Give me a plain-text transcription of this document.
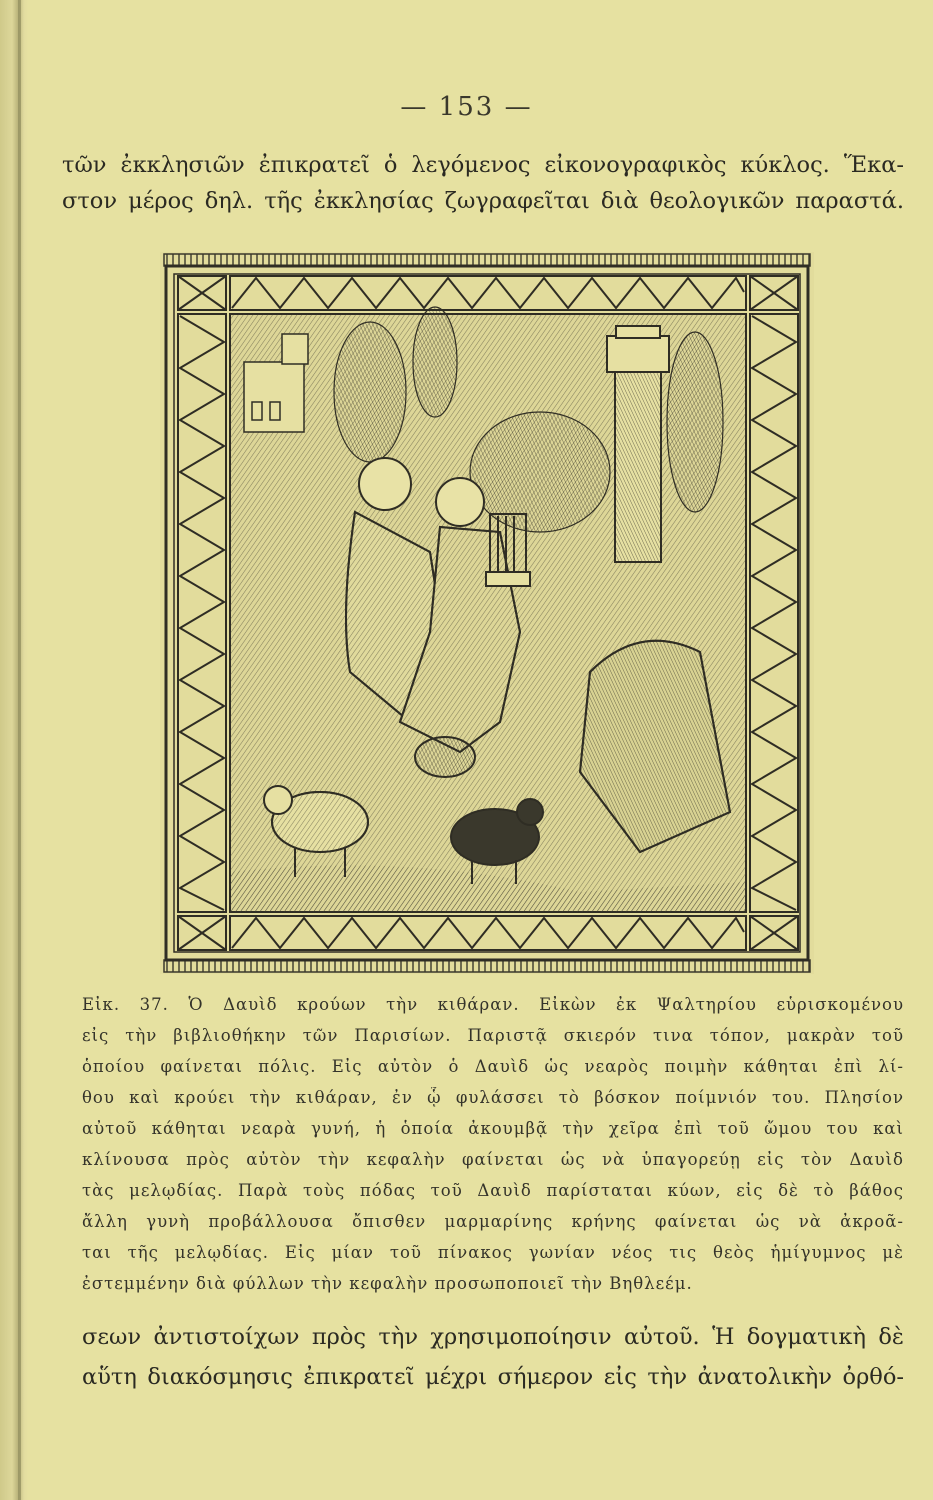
— 153 —
τῶν ἐκκλησιῶν ἐπικρατεῖ ὁ λεγόμενος εἰκονογραφικὸς κύκλος. Ἕκα-
στον μέρος δηλ. τῆς ἐκκλησίας ζωγραφεῖται διὰ θεολογικῶν παραστά.
Εἰκ. 37. Ὁ Δαυὶδ κρούων τὴν κιθάραν. Εἰκὼν ἐκ Ψαλτηρίου εὑρισκομένου
εἰς τὴν βιβλιοθήκην τῶν Παρισίων. Παριστᾷ σκιερόν τινα τόπον, μακρὰν τοῦ
ὁποίου φαίνεται πόλις. Εἰς αὐτὸν ὁ Δαυὶδ ὡς νεαρὸς ποιμὴν κάθηται ἐπὶ λί-
θου καὶ κρούει τὴν κιθάραν, ἐν ᾧ φυλάσσει τὸ βόσκον ποίμνιόν του. Πλησίον
αὐτοῦ κάθηται νεαρὰ γυνή, ἡ ὁποία ἀκουμβᾷ τὴν χεῖρα ἐπὶ τοῦ ὤμου του καὶ
κλίνουσα πρὸς αὐτὸν τὴν κεφαλὴν φαίνεται ὡς νὰ ὑπαγορεύῃ εἰς τὸν Δαυὶδ
τὰς μελῳδίας. Παρὰ τοὺς πόδας τοῦ Δαυὶδ παρίσταται κύων, εἰς δὲ τὸ βάθος
ἄλλη γυνὴ προβάλλουσα ὄπισθεν μαρμαρίνης κρήνης φαίνεται ὡς νὰ ἀκροᾶ-
ται τῆς μελῳδίας. Εἰς μίαν τοῦ πίνακος γωνίαν νέος τις θεὸς ἡμίγυμνος μὲ
ἐστεμμένην διὰ φύλλων τὴν κεφαλὴν προσωποποιεῖ τὴν Βηθλεέμ.
σεων ἀντιστοίχων πρὸς τὴν χρησιμοποίησιν αὐτοῦ. Ἡ δογματικὴ δὲ
αὕτη διακόσμησις ἐπικρατεῖ μέχρι σήμερον εἰς τὴν ἀνατολικὴν ὀρθό-
